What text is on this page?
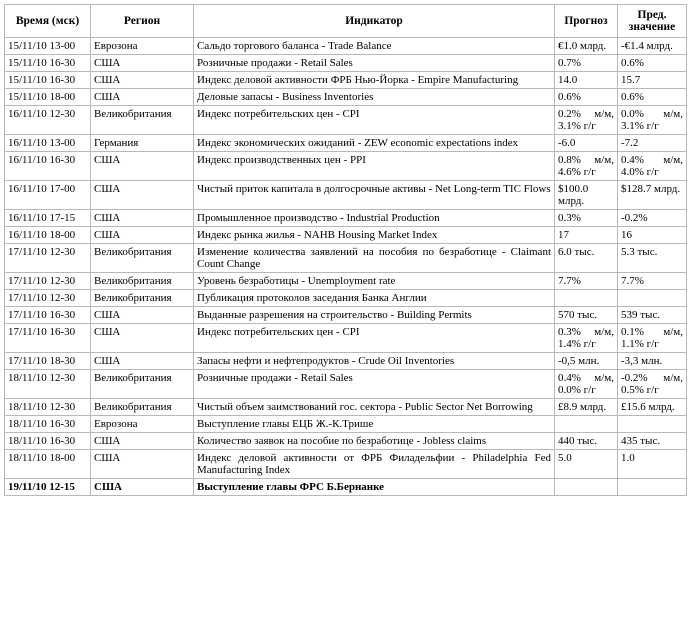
Время (мск)	Регион	Индикатор	Прогноз	Пред. значение
15/11/10 13-00	Еврозона	Сальдо торгового баланса - Trade Balance	€1.0 млрд.	-€1.4 млрд.
15/11/10 16-30	США	Розничные продажи - Retail Sales	0.7%	0.6%
15/11/10 16-30	США	Индекс деловой активности ФРБ Нью-Йорка - Empire Manufacturing	14.0	15.7
15/11/10 18-00	США	Деловые запасы - Business Inventories	0.6%	0.6%
16/11/10 12-30	Великобритания	Индекс потребительских цен - CPI	0.2% м/м, 3.1% г/г	0.0% м/м, 3.1% г/г
16/11/10 13-00	Германия	Индекс экономических ожиданий - ZEW economic expectations index	-6.0	-7.2
16/11/10 16-30	США	Индекс производственных цен - PPI	0.8% м/м, 4.6% г/г	0.4% м/м, 4.0% г/г
16/11/10 17-00	США	Чистый приток капитала в долгосрочные активы - Net Long-term TIC Flows	$100.0 млрд.	$128.7 млрд.
16/11/10 17-15	США	Промышленное производство - Industrial Production	0.3%	-0.2%
16/11/10 18-00	США	Индекс рынка жилья - NAHB Housing Market Index	17	16
17/11/10 12-30	Великобритания	Изменение количества заявлений на пособия по безработице - Claimant Count Change	6.0 тыс.	5.3 тыс.
17/11/10 12-30	Великобритания	Уровень безработицы - Unemployment rate	7.7%	7.7%
17/11/10 12-30	Великобритания	Публикация протоколов заседания Банка Англии		
17/11/10 16-30	США	Выданные разрешения на строительство - Building Permits	570 тыс.	539 тыс.
17/11/10 16-30	США	Индекс потребительских цен - CPI	0.3% м/м, 1.4% г/г	0.1% м/м, 1.1% г/г
17/11/10 18-30	США	Запасы нефти и нефтепродуктов - Crude Oil Inventories	-0,5 млн.	-3,3 млн.
18/11/10 12-30	Великобритания	Розничные продажи - Retail Sales	0.4% м/м, 0.0% г/г	-0.2% м/м, 0.5% г/г
18/11/10 12-30	Великобритания	Чистый объем заимствований гос. сектора - Public Sector Net Borrowing	£8.9 млрд.	£15.6 млрд.
18/11/10 16-30	Еврозона	Выступление главы ЕЦБ Ж.-К.Трише		
18/11/10 16-30	США	Количество заявок на пособие по безработице - Jobless claims	440 тыс.	435 тыс.
18/11/10 18-00	США	Индекс деловой активности от ФРБ Филадельфии - Philadelphia Fed Manufacturing Index	5.0	1.0
19/11/10 12-15	США	Выступление главы ФРС Б.Бернанке		
